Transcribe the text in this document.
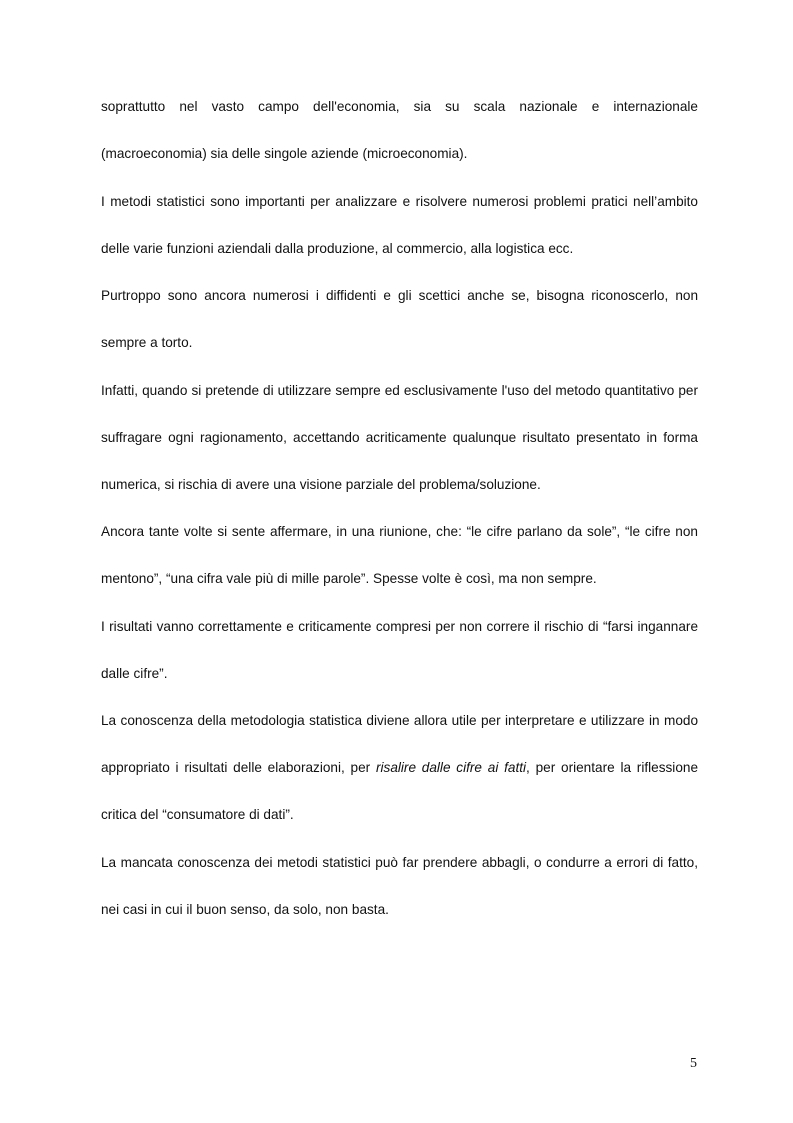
soprattutto nel vasto campo dell'economia, sia su scala nazionale e internazionale (macroeconomia) sia delle singole aziende (microeconomia).

I metodi statistici sono importanti per analizzare e risolvere numerosi problemi pratici nell’ambito delle varie funzioni aziendali dalla produzione, al commercio, alla logistica ecc.

Purtroppo sono ancora numerosi i diffidenti e gli scettici anche se, bisogna riconoscerlo, non sempre a torto.

Infatti, quando si pretende di utilizzare sempre ed esclusivamente l'uso del metodo quantitativo per suffragare ogni ragionamento, accettando acriticamente qualunque risultato presentato in forma numerica, si rischia di avere una visione parziale del problema/soluzione.

Ancora tante volte si sente affermare, in una riunione, che: “le cifre parlano da sole”, “le cifre non mentono”, “una cifra vale più di mille parole”. Spesse volte è così, ma non sempre.

I risultati vanno correttamente e criticamente compresi per non correre il rischio di “farsi ingannare dalle cifre”.

La conoscenza della metodologia statistica diviene allora utile per interpretare e utilizzare in modo appropriato i risultati delle elaborazioni, per risalire dalle cifre ai fatti, per orientare la riflessione critica del “consumatore di dati”.

La mancata conoscenza dei metodi statistici può far prendere abbagli, o condurre a errori di fatto, nei casi in cui il buon senso, da solo, non basta.

5
